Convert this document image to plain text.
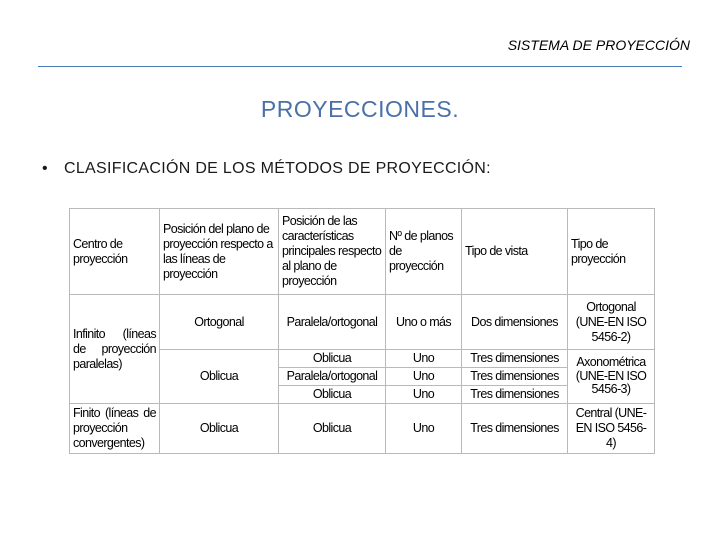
SISTEMA DE PROYECCIÓN
PROYECCIONES.
• CLASIFICACIÓN DE LOS MÉTODOS DE PROYECCIÓN:
Centro de proyección	Posición del plano de proyección respecto a las líneas de proyección	Posición de las características principales respecto al plano de proyección	Nº de planos de proyección	Tipo de vista	Tipo de proyección
Infinito (líneas de proyección paralelas)	Ortogonal	Paralela/ortogonal	Uno o más	Dos dimensiones	Ortogonal (UNE-EN ISO 5456-2)
	Oblicua	Oblicua	Uno	Tres dimensiones	Axonométrica (UNE-EN ISO 5456-3)
		Paralela/ortogonal	Uno	Tres dimensiones	
		Oblicua	Uno	Tres dimensiones	
Finito (líneas de proyección convergentes)	Oblicua	Oblicua	Uno	Tres dimensiones	Central (UNE-EN ISO 5456-4)
